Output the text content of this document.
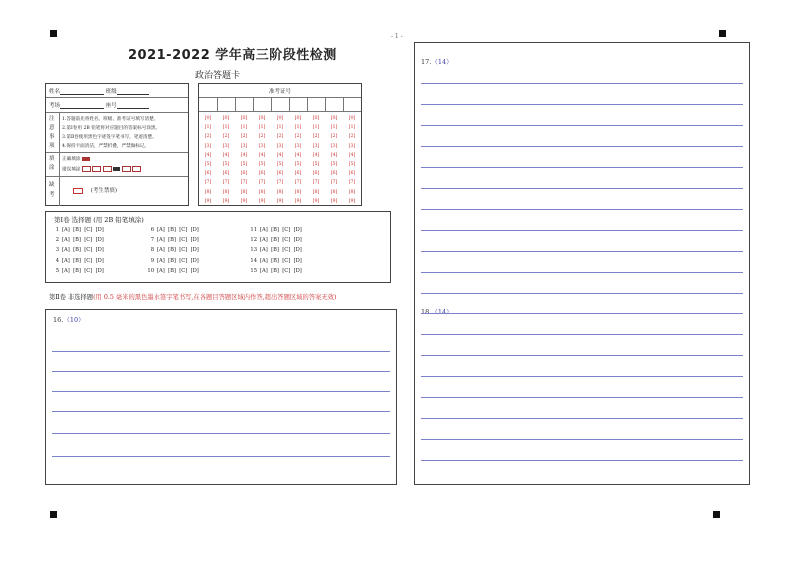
- 1 -
2021-2022 学年高三阶段性检测
政治答题卡
姓名	班级
考场	座号
注
意
事
项
1.答题前先将姓名、班级、准考证号填写清楚。
2.第Ⅰ卷用 2B 铅笔将对应题目的答案标号涂黑。
3.第Ⅱ卷使用黑色字迹签字笔书写，笔迹清楚。
4.保持卡面清洁，严禁折叠，严禁做标记。
填
涂
正确填涂
错误填涂
缺
考
(考生禁填)
准考证号
[0]
[1]
[2]
[3]
[4]
[5]
[6]
[7]
[8]
[9]
[0]
[1]
[2]
[3]
[4]
[5]
[6]
[7]
[8]
[9]
[0]
[1]
[2]
[3]
[4]
[5]
[6]
[7]
[8]
[9]
[0]
[1]
[2]
[3]
[4]
[5]
[6]
[7]
[8]
[9]
[0]
[1]
[2]
[3]
[4]
[5]
[6]
[7]
[8]
[9]
[0]
[1]
[2]
[3]
[4]
[5]
[6]
[7]
[8]
[9]
[0]
[1]
[2]
[3]
[4]
[5]
[6]
[7]
[8]
[9]
[0]
[1]
[2]
[3]
[4]
[5]
[6]
[7]
[8]
[9]
[0]
[1]
[2]
[3]
[4]
[5]
[6]
[7]
[8]
[9]
第Ⅰ卷 选择题 (用 2B 铅笔填涂)
1 [A]  [B]  [C]  [D]
2 [A]  [B]  [C]  [D]
3 [A]  [B]  [C]  [D]
4 [A]  [B]  [C]  [D]
5 [A]  [B]  [C]  [D]
6 [A]  [B]  [C]  [D]
7 [A]  [B]  [C]  [D]
8 [A]  [B]  [C]  [D]
9 [A]  [B]  [C]  [D]
10 [A]  [B]  [C]  [D]
11 [A]  [B]  [C]  [D]
12 [A]  [B]  [C]  [D]
13 [A]  [B]  [C]  [D]
14 [A]  [B]  [C]  [D]
15 [A]  [B]  [C]  [D]
第Ⅱ卷 非选择题(用 0.5 毫米的黑色墨水签字笔书写,在各题目答题区域内作答,超出答题区域的答案无效)
16.（10）
17.（14）
18.（14）
